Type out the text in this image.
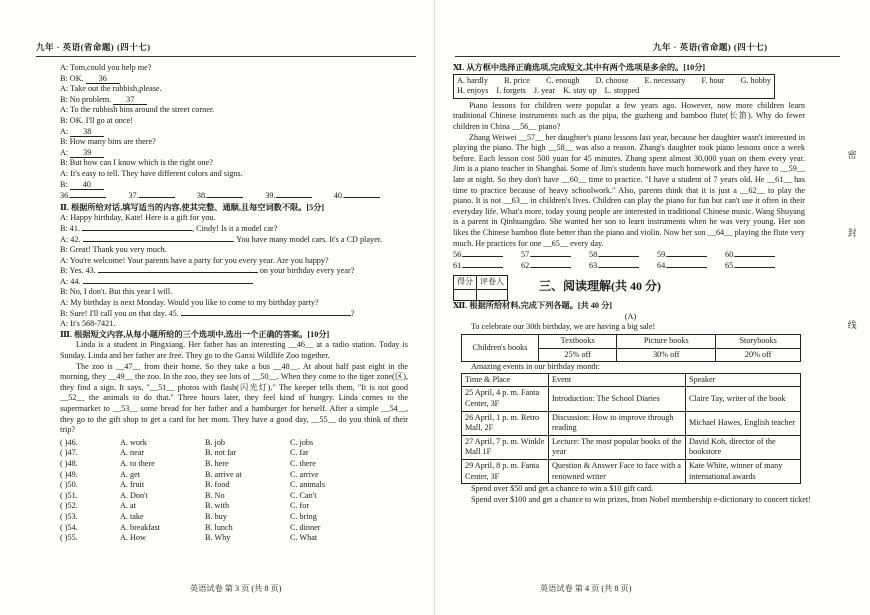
九年 · 英语(省命题) (四十七)
A: Tom,could you help me?
B: OK. 36
A: Take out the rubbish,please.
B: No problem. 37
A: To the rubbish bins around the street corner.
B: OK. I'll go at once!
A: 38
B: How many bins are there?
A: 39
B: But how can I know which is the right one?
A: It's easy to tell. They have different colors and signs.
B: 40
36.	37.	38.	39.	40.
Ⅱ. 根据所给对话,填写适当的内容,使其完整、通顺,且每空词数不限。[5分]
A: Happy birthday, Kate! Here is a gift for you.
B: 41.	, Cindy! Is it a model car?
A: 42.	. You have many model cars. It's a CD player.
B: Great! Thank you very much.
A: You're welcome! Your parents have a party for you every year. Are you happy?
B: Yes. 43.	on your birthday every year?
A: 44.
B: No, I don't. But this year I will.
A: My birthday is next Monday. Would you like to come to my birthday party?
B: Sure! I'll call you on that day. 45.	?
A: It's 568-7421.
Ⅲ. 根据短文内容,从每小题所给的三个选项中,选出一个正确的答案。[10分]
Linda is a student in Pingxiang. Her father has an interesting __46__ at a radio station. Today is Sunday. Linda and her father are free. They go to the Ganxi Wildlife Zoo together.
The zoo is __47__ from their home. So they take a bus __48__. At about half past eight in the morning, they __49__ the zoo. In the zoo, they see lots of __50__. When they come to the tiger zone(区), they find a sign. It says, "__51__ photos with flash(闪光灯)." The keeper tells them, "It is not good __52__ the animals to do that." Three hours later, they feel kind of hungry. Linda comes to the supermarket to __53__ some bread for her father and a hamburger for herself. After a simple __54__, they go to the gift shop to get a card for her mom. They have a good day, __55__ do you think of their trip?
( )46.	A. work	B. job	C. jobs
( )47.	A. near	B. not far	C. far
( )48.	A. to there	B. here	C. there
( )49.	A. get	B. arrive at	C. arrive
( )50.	A. fruit	B. food	C. animals
( )51.	A. Don't	B. No	C. Can't
( )52.	A. at	B. with	C. for
( )53.	A. take	B. buy	C. bring
( )54.	A. breakfast	B. lunch	C. dinner
( )55.	A. How	B. Why	C. What
英语试卷 第 3 页 (共 8 页)
九年 · 英语(省命题) (四十七)
Ⅺ. 从方框中选择正确选项,完成短文,其中有两个选项是多余的。[10分]
A. hardly B. price C. enough D. choose E. necessary F. hour G. hobby
H. enjoys I. forgets J. year K. stay up L. stopped
Piano lessons for children were popular a few years ago. However, now more children learn traditional Chinese instruments such as the pipa, the guzheng and bamboo flute(长笛). Why do fewer children in China __56__ piano?
Zhang Weiwei __57__ her daughter's piano lessons last year, because her daughter wasn't interested in playing the piano. The high __58__ was also a reason. Zhang's daughter took piano lessons once a week before. Each lesson cost 500 yuan for 45 minutes. Zhang spent almost 30,000 yuan on them every year. Jim is a piano teacher in Shanghai. Some of Jim's students have much homework and they have to __59__ late at night. So they don't have __60__ time to practice. "I have a student of 7 years old. He __61__ has time to practice because of heavy schoolwork." Also, parents think that it is just a __62__ to play the piano. It is not __63__ in children's lives. Children can play the piano for fun but can't use it often in their everyday life. What's more, today young people are interested in traditional Chinese music. Wang Shuyang is a parent in Qinhuangdao. She wanted her son to learn instruments when he was very young. Her son likes the Chinese bamboo flute better than the piano and violin. Now her son __64__ playing the flute very much. He practices for one __65__ every day.
56.	57.	58.	59.	60.
61.	62.	63.	64.	65.
得分	评卷人
		三、阅读理解(共 40 分)
Ⅻ. 根据所给材料,完成下列各题。[共 40 分]
(A)
To celebrate our 30th birthday, we are having a big sale!
Children's books	Textbooks	Picture books	Storybooks
	25% off	30% off	20% off
Amazing events in our birthday month:
Time & Place	Event	Speaker
25 April, 4 p. m. Fanta Center, 3F	Introduction: The School Diaries	Claire Tay, writer of the book
26 April, 1 p. m. Retro Mall, 2F	Discussion: How to improve through reading	Michael Hawes, English teacher
27 April, 7 p. m. Winkle Mall 1F	Lecture: The most popular books of the year	David Koh, director of the bookstore
29 April, 8 p. m. Fanta Center, 3F	Question & Answer Face to face with a renowned writer	Kate White, winner of many international awards
Spend over $50 and get a chance to win a $10 gift card.
Spend over $100 and get a chance to win prizes, from Nobel membership e-dictionary to concert ticket!
英语试卷 第 4 页 (共 8 页)
密
封
线
